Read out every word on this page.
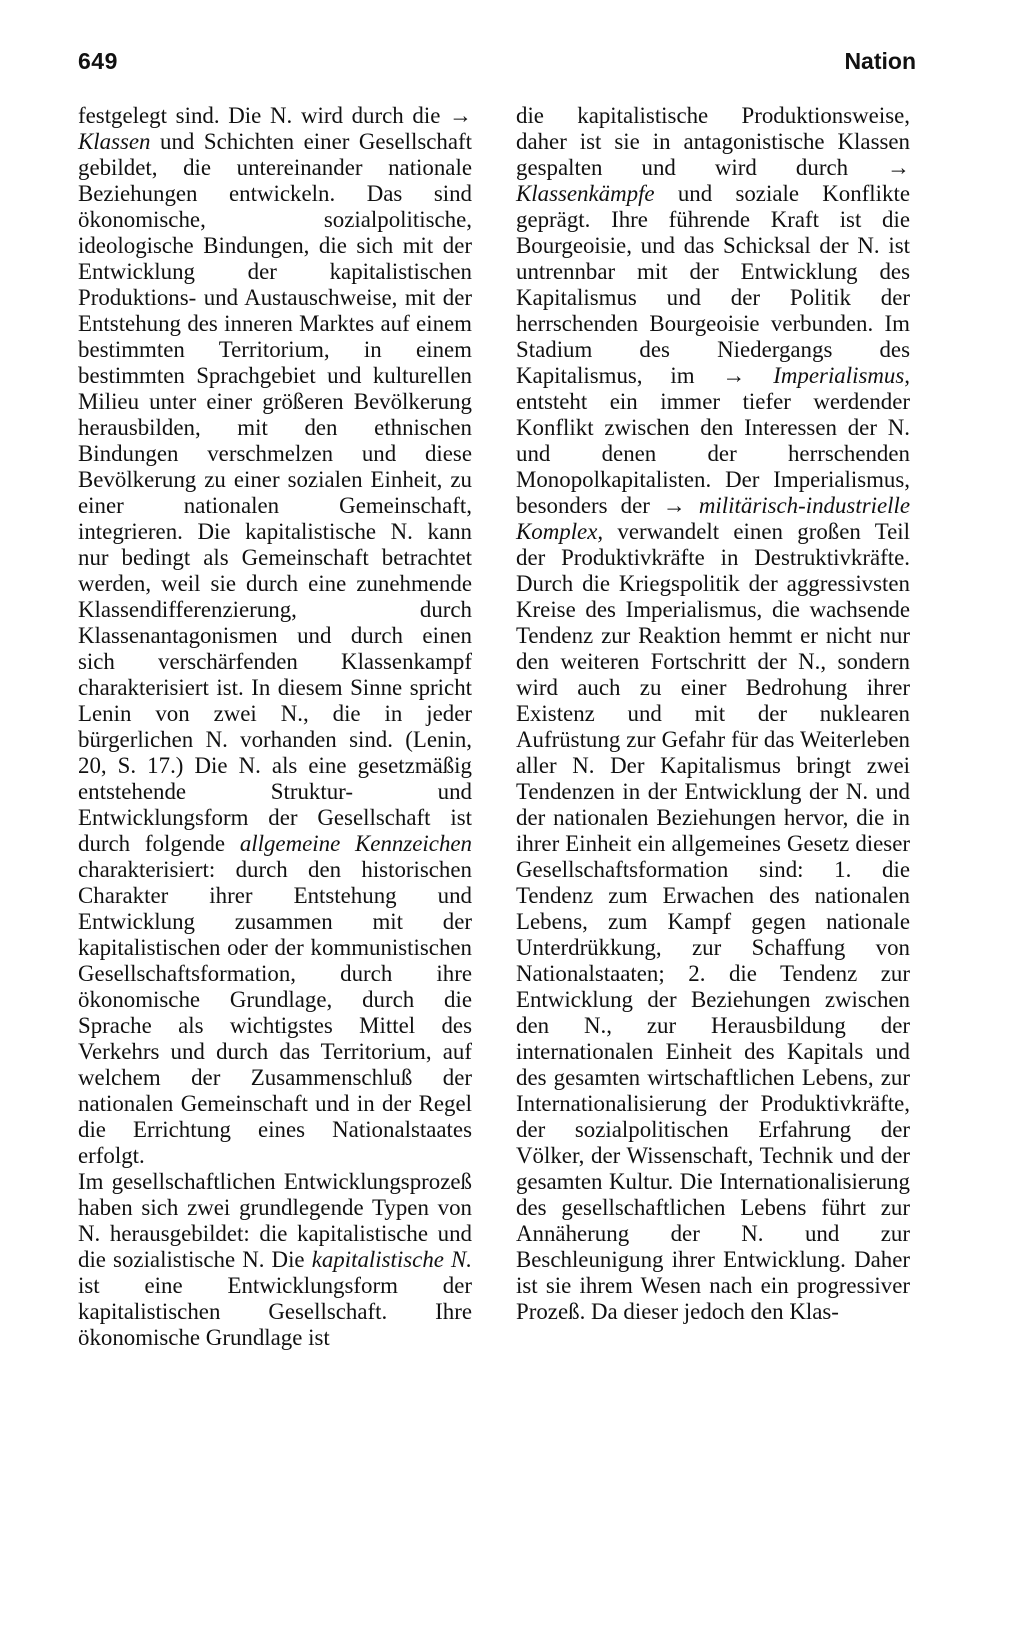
649	Nation

festgelegt sind. Die N. wird durch die → Klassen und Schichten einer Gesellschaft gebildet, die untereinander nationale Beziehungen entwickeln. Das sind ökonomische, sozialpolitische, ideologische Bindungen, die sich mit der Entwicklung der kapitalistischen Produktions- und Austauschweise, mit der Entstehung des inneren Marktes auf einem bestimmten Territorium, in einem bestimmten Sprachgebiet und kulturellen Milieu unter einer größeren Bevölkerung herausbilden, mit den ethnischen Bindungen verschmelzen und diese Bevölkerung zu einer sozialen Einheit, zu einer nationalen Gemeinschaft, integrieren. Die kapitalistische N. kann nur bedingt als Gemeinschaft betrachtet werden, weil sie durch eine zunehmende Klassendifferenzierung, durch Klassenantagonismen und durch einen sich verschärfenden Klassenkampf charakterisiert ist. In diesem Sinne spricht Lenin von zwei N., die in jeder bürgerlichen N. vorhanden sind. (Lenin, 20, S. 17.) Die N. als eine gesetzmäßig entstehende Struktur- und Entwicklungsform der Gesellschaft ist durch folgende allgemeine Kennzeichen charakterisiert: durch den historischen Charakter ihrer Entstehung und Entwicklung zusammen mit der kapitalistischen oder der kommunistischen Gesellschaftsformation, durch ihre ökonomische Grundlage, durch die Sprache als wichtigstes Mittel des Verkehrs und durch das Territorium, auf welchem der Zusammenschluß der nationalen Gemeinschaft und in der Regel die Errichtung eines Nationalstaates erfolgt.

Im gesellschaftlichen Entwicklungsprozeß haben sich zwei grundlegende Typen von N. herausgebildet: die kapitalistische und die sozialistische N. Die kapitalistische N. ist eine Entwicklungsform der kapitalistischen Gesellschaft. Ihre ökonomische Grundlage ist

die kapitalistische Produktionsweise, daher ist sie in antagonistische Klassen gespalten und wird durch → Klassenkämpfe und soziale Konflikte geprägt. Ihre führende Kraft ist die Bourgeoisie, und das Schicksal der N. ist untrennbar mit der Entwicklung des Kapitalismus und der Politik der herrschenden Bourgeoisie verbunden. Im Stadium des Niedergangs des Kapitalismus, im → Imperialismus, entsteht ein immer tiefer werdender Konflikt zwischen den Interessen der N. und denen der herrschenden Monopolkapitalisten. Der Imperialismus, besonders der → militärisch-industrielle Komplex, verwandelt einen großen Teil der Produktivkräfte in Destruktivkräfte. Durch die Kriegspolitik der aggressivsten Kreise des Imperialismus, die wachsende Tendenz zur Reaktion hemmt er nicht nur den weiteren Fortschritt der N., sondern wird auch zu einer Bedrohung ihrer Existenz und mit der nuklearen Aufrüstung zur Gefahr für das Weiterleben aller N. Der Kapitalismus bringt zwei Tendenzen in der Entwicklung der N. und der nationalen Beziehungen hervor, die in ihrer Einheit ein allgemeines Gesetz dieser Gesellschaftsformation sind: 1. die Tendenz zum Erwachen des nationalen Lebens, zum Kampf gegen nationale Unterdrükkung, zur Schaffung von Nationalstaaten; 2. die Tendenz zur Entwicklung der Beziehungen zwischen den N., zur Herausbildung der internationalen Einheit des Kapitals und des gesamten wirtschaftlichen Lebens, zur Internationalisierung der Produktivkräfte, der sozialpolitischen Erfahrung der Völker, der Wissenschaft, Technik und der gesamten Kultur. Die Internationalisierung des gesellschaftlichen Lebens führt zur Annäherung der N. und zur Beschleunigung ihrer Entwicklung. Daher ist sie ihrem Wesen nach ein progressiver Prozeß. Da dieser jedoch den Klas-
